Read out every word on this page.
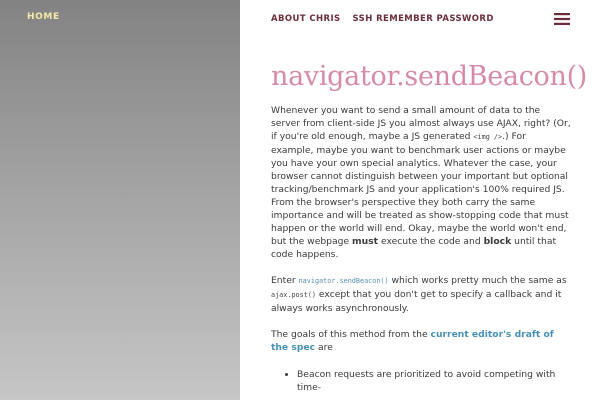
HOME	ABOUT CHRIS SSH REMEMBER PASSWORD
navigator.sendBeacon()

Whenever you want to send a small amount of data to the server from client-side JS you almost always use AJAX, right? (Or, if you're old enough, maybe a JS generated <img />.) For example, maybe you want to benchmark user actions or maybe you have your own special analytics. Whatever the case, your browser cannot distinguish between your important but optional tracking/benchmark JS and your application's 100% required JS. From the browser's perspective they both carry the same importance and will be treated as show-stopping code that must happen or the world will end. Okay, maybe the world won't end, but the webpage must execute the code and block until that code happens.

Enter navigator.sendBeacon() which works pretty much the same as ajax.post() except that you don't get to specify a callback and it always works asynchronously.

The goals of this method from the current editor's draft of the spec are

• Beacon requests are prioritized to avoid competing with time-
